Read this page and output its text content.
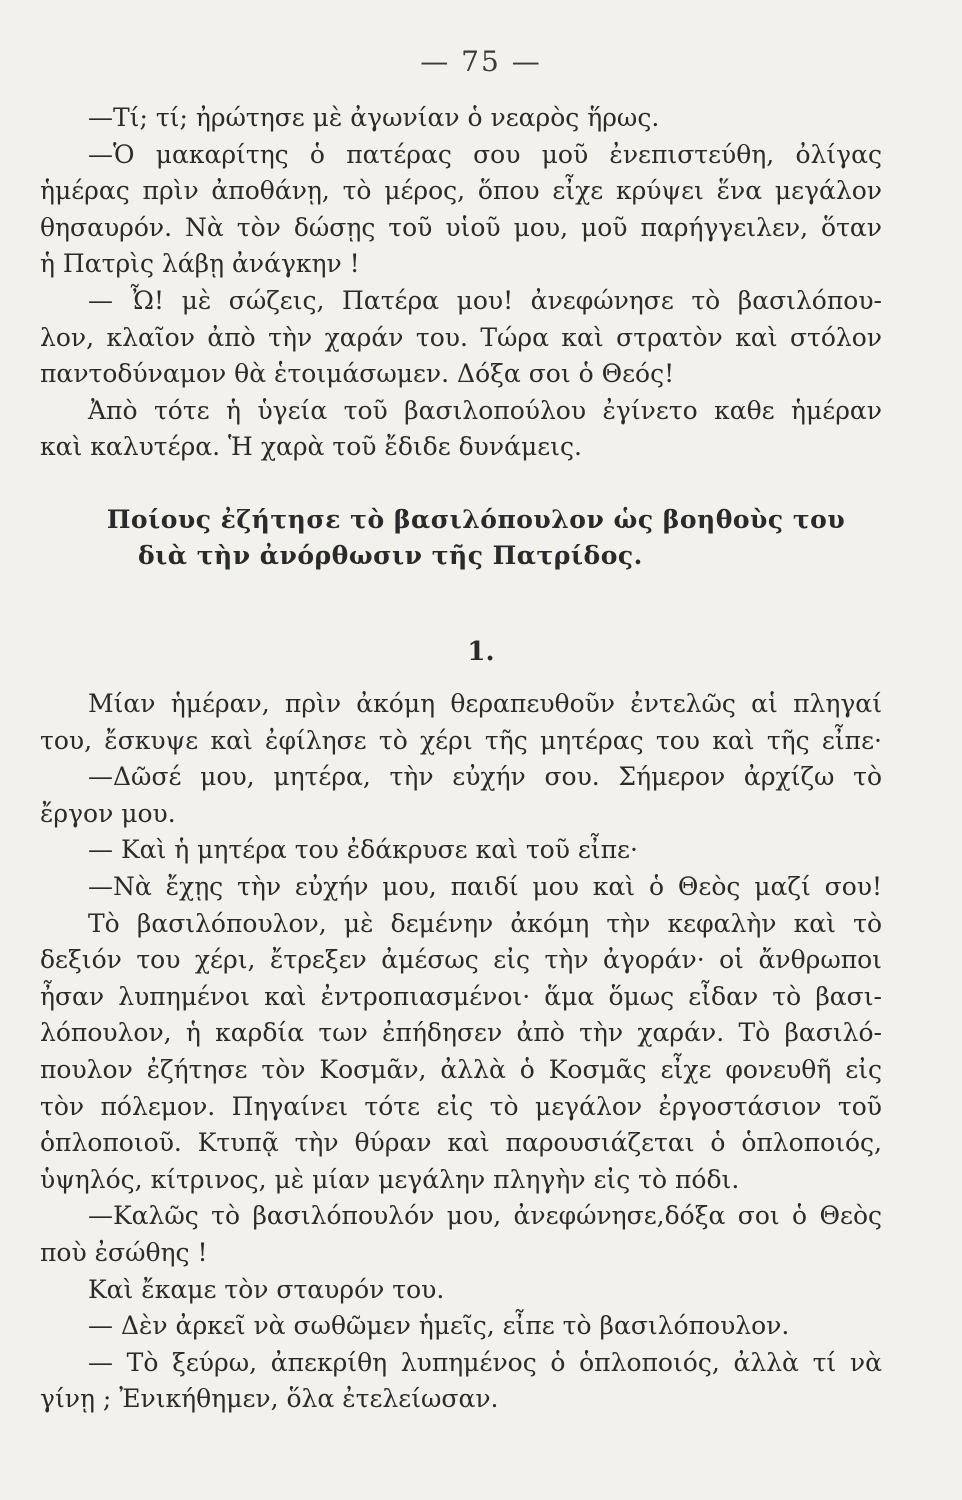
— 75 —
—Τί; τί; ἠρώτησε μὲ ἀγωνίαν ὁ νεαρὸς ἥρως.
—Ὁ μακαρίτης ὁ πατέρας σου μοῦ ἐνεπιστεύθη, ὀλίγας
ἡμέρας πρὶν ἀποθάνῃ, τὸ μέρος, ὅπου εἶχε κρύψει ἕνα μεγάλον
θησαυρόν. Νὰ τὸν δώσῃς τοῦ υἱοῦ μου, μοῦ παρήγγειλεν, ὅταν
ἡ Πατρὶς λάβῃ ἀνάγκην !
— Ὦ! μὲ σώζεις, Πατέρα μου! ἀνεφώνησε τὸ βασιλόπου-
λον, κλαῖον ἀπὸ τὴν χαράν του. Τώρα καὶ στρατὸν καὶ στόλον
παντοδύναμον θὰ ἑτοιμάσωμεν. Δόξα σοι ὁ Θεός!
Ἀπὸ τότε ἡ ὑγεία τοῦ βασιλοπούλου ἐγίνετο καθε ἡμέραν
καὶ καλυτέρα. Ἡ χαρὰ τοῦ ἔδιδε δυνάμεις.
Ποίους ἐζήτησε τὸ βασιλόπουλον ὡς βοηθοὺς του
διὰ τὴν ἀνόρθωσιν τῆς Πατρίδος.
1.
Μίαν ἡμέραν, πρὶν ἀκόμη θεραπευθοῦν ἐντελῶς αἱ πληγαί
του, ἔσκυψε καὶ ἐφίλησε τὸ χέρι τῆς μητέρας του καὶ τῆς εἶπε·
—Δῶσέ μου, μητέρα, τὴν εὐχήν σου. Σήμερον ἀρχίζω τὸ
ἔργον μου.
— Καὶ ἡ μητέρα του ἐδάκρυσε καὶ τοῦ εἶπε·
—Νὰ ἔχῃς τὴν εὐχήν μου, παιδί μου καὶ ὁ Θεὸς μαζί σου!
Τὸ βασιλόπουλον, μὲ δεμένην ἀκόμη τὴν κεφαλὴν καὶ τὸ
δεξιόν του χέρι, ἔτρεξεν ἀμέσως εἰς τὴν ἀγοράν· οἱ ἄνθρωποι
ἦσαν λυπημένοι καὶ ἐντροπιασμένοι· ἅμα ὅμως εἶδαν τὸ βασι-
λόπουλον, ἡ καρδία των ἐπήδησεν ἀπὸ τὴν χαράν. Τὸ βασιλό-
πουλον ἐζήτησε τὸν Κοσμᾶν, ἀλλὰ ὁ Κοσμᾶς εἶχε φονευθῆ εἰς
τὸν πόλεμον. Πηγαίνει τότε εἰς τὸ μεγάλον ἐργοστάσιον τοῦ
ὁπλοποιοῦ. Κτυπᾷ τὴν θύραν καὶ παρουσιάζεται ὁ ὁπλοποιός,
ὑψηλός, κίτρινος, μὲ μίαν μεγάλην πληγὴν εἰς τὸ πόδι.
—Καλῶς τὸ βασιλόπουλόν μου, ἀνεφώνησε,δόξα σοι ὁ Θεὸς
ποὺ ἐσώθης !
Καὶ ἔκαμε τὸν σταυρόν του.
— Δὲν ἀρκεῖ νὰ σωθῶμεν ἡμεῖς, εἶπε τὸ βασιλόπουλον.
— Τὸ ξεύρω, ἀπεκρίθη λυπημένος ὁ ὁπλοποιός, ἀλλὰ τί νὰ
γίνῃ ; Ἐνικήθημεν, ὅλα ἐτελείωσαν.
